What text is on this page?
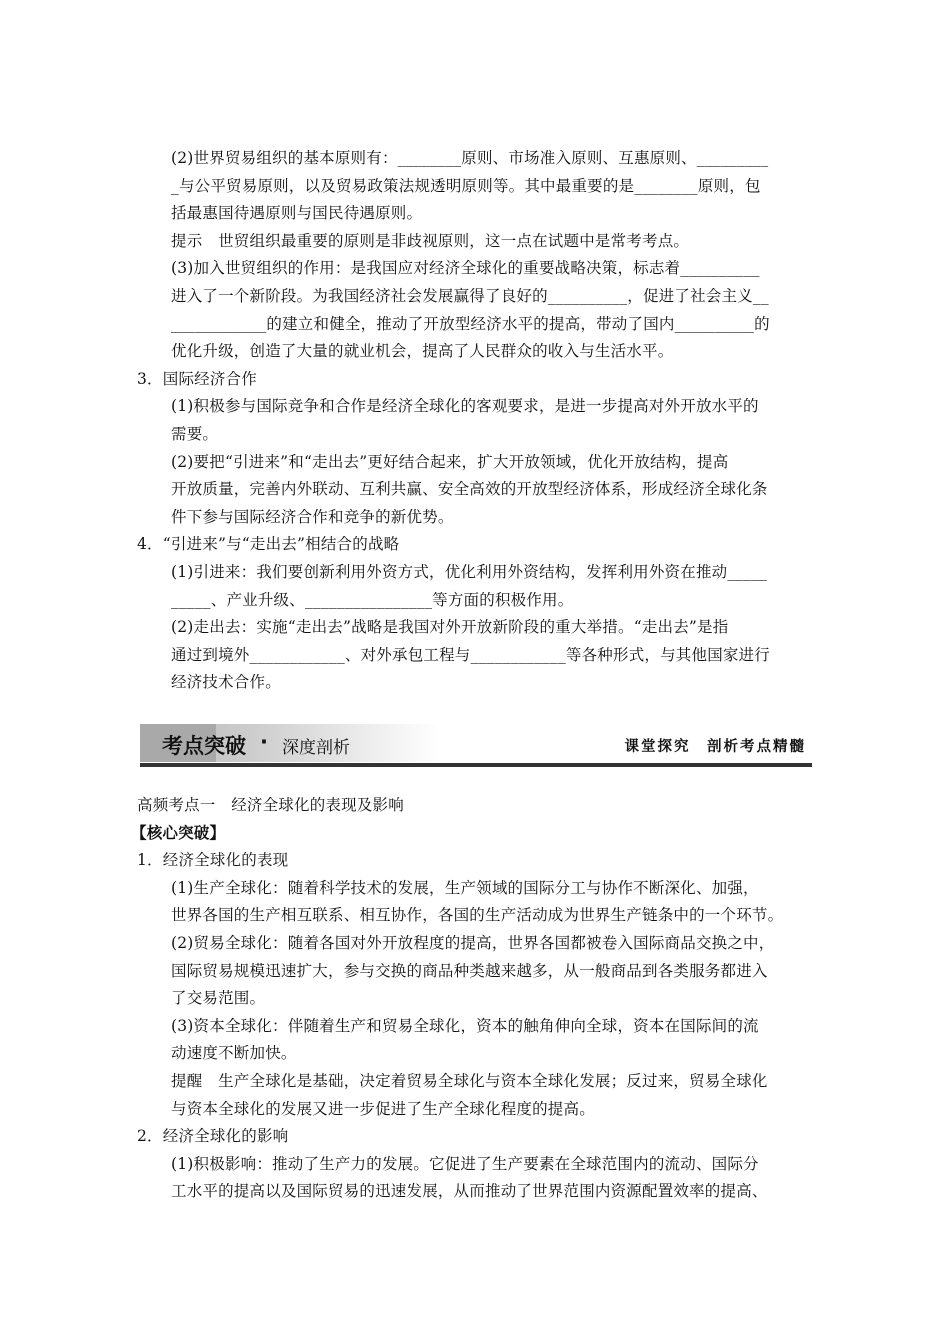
(2)世界贸易组织的基本原则有：________原则、市场准入原则、互惠原则、_________
_与公平贸易原则，以及贸易政策法规透明原则等。其中最重要的是________原则，包
括最惠国待遇原则与国民待遇原则。
提示　世贸组织最重要的原则是非歧视原则，这一点在试题中是常考考点。
(3)加入世贸组织的作用：是我国应对经济全球化的重要战略决策，标志着__________
进入了一个新阶段。为我国经济社会发展赢得了良好的__________，促进了社会主义__
____________的建立和健全，推动了开放型经济水平的提高，带动了国内__________的
优化升级，创造了大量的就业机会，提高了人民群众的收入与生活水平。
3．国际经济合作
(1)积极参与国际竞争和合作是经济全球化的客观要求，是进一步提高对外开放水平的
需要。
(2)要把“引进来”和“走出去”更好结合起来，扩大开放领域，优化开放结构，提高
开放质量，完善内外联动、互利共赢、安全高效的开放型经济体系，形成经济全球化条
件下参与国际经济合作和竞争的新优势。
4．“引进来”与“走出去”相结合的战略
(1)引进来：我们要创新利用外资方式，优化利用外资结构，发挥利用外资在推动_____
_____、产业升级、________________等方面的积极作用。
(2)走出去：实施“走出去”战略是我国对外开放新阶段的重大举措。“走出去”是指
通过到境外____________、对外承包工程与____________等各种形式，与其他国家进行
经济技术合作。
高频考点一　经济全球化的表现及影响
【核心突破】
1．经济全球化的表现
(1)生产全球化：随着科学技术的发展，生产领域的国际分工与协作不断深化、加强，
世界各国的生产相互联系、相互协作，各国的生产活动成为世界生产链条中的一个环节。
(2)贸易全球化：随着各国对外开放程度的提高，世界各国都被卷入国际商品交换之中，
国际贸易规模迅速扩大，参与交换的商品种类越来越多，从一般商品到各类服务都进入
了交易范围。
(3)资本全球化：伴随着生产和贸易全球化，资本的触角伸向全球，资本在国际间的流
动速度不断加快。
提醒　生产全球化是基础，决定着贸易全球化与资本全球化发展；反过来，贸易全球化
与资本全球化的发展又进一步促进了生产全球化程度的提高。
2．经济全球化的影响
(1)积极影响：推动了生产力的发展。它促进了生产要素在全球范围内的流动、国际分
工水平的提高以及国际贸易的迅速发展，从而推动了世界范围内资源配置效率的提高、
考点突破 · 深度剖析	课堂探究　剖析考点精髓
